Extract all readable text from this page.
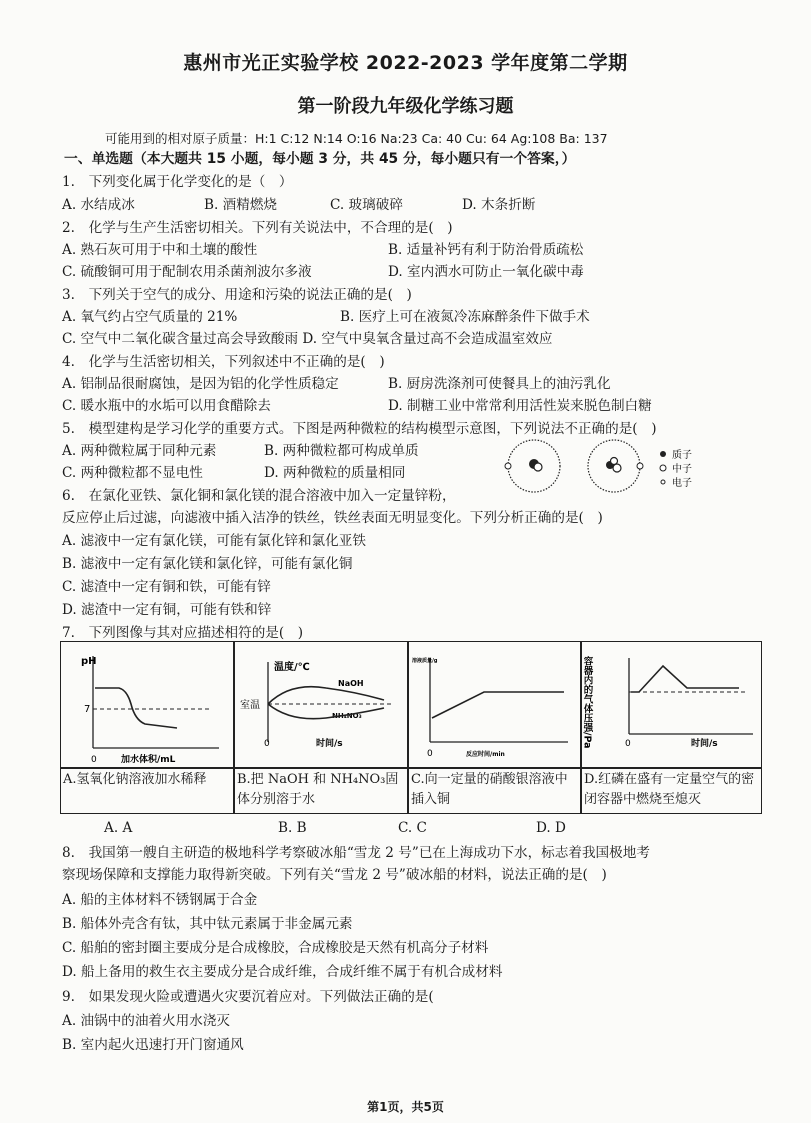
惠州市光正实验学校 2022-2023 学年度第二学期
第一阶段九年级化学练习题
可能用到的相对原子质量：H:1 C:12 N:14 O:16 Na:23 Ca: 40 Cu: 64 Ag:108 Ba: 137
一、单选题（本大题共 15 小题，每小题 3 分，共 45 分，每小题只有一个答案，）
1.　下列变化属于化学变化的是（　）
A. 水结成冰	B. 酒精燃烧	C. 玻璃破碎	D. 木条折断
2.　化学与生产生活密切相关。下列有关说法中，不合理的是(　)
A. 熟石灰可用于中和土壤的酸性	B. 适量补钙有利于防治骨质疏松
C. 硫酸铜可用于配制农用杀菌剂波尔多液	D. 室内洒水可防止一氧化碳中毒
3.　下列关于空气的成分、用途和污染的说法正确的是(　)
A. 氧气约占空气质量的 21%	B. 医疗上可在液氮冷冻麻醉条件下做手术
C. 空气中二氧化碳含量过高会导致酸雨 D. 空气中臭氧含量过高不会造成温室效应
4.　化学与生活密切相关，下列叙述中不正确的是(　)
A. 铝制品很耐腐蚀，是因为铝的化学性质稳定	B. 厨房洗涤剂可使餐具上的油污乳化
C. 暖水瓶中的水垢可以用食醋除去	D. 制糖工业中常常利用活性炭来脱色制白糖
5.　模型建构是学习化学的重要方式。下图是两种微粒的结构模型示意图，下列说法不正确的是(　)
A. 两种微粒属于同种元素	B. 两种微粒都可构成单质
C. 两种微粒都不显电性	D. 两种微粒的质量相同
质子
中子
电子
6.　在氯化亚铁、氯化铜和氯化镁的混合溶液中加入一定量锌粉，
反应停止后过滤，向滤液中插入洁净的铁丝，铁丝表面无明显变化。下列分析正确的是(　)
A. 滤液中一定有氯化镁，可能有氯化锌和氯化亚铁
B. 滤液中一定有氯化镁和氯化锌，可能有氯化铜
C. 滤渣中一定有铜和铁，可能有锌
D. 滤渣中一定有铜，可能有铁和锌
7.　下列图像与其对应描述相符的是(　)
pH
7
0	加水体积/mL
温度/℃
NaOH
NH₄NO₃
室温
0	时间/s
溶液质量/g
0	反应时间/min
容器内的气体压强/Pa	0	时间/s
A.氢氧化钠溶液加水稀释	B.把 NaOH 和 NH₄NO₃固体分别溶于水
C.向一定量的硝酸银溶液中插入铜
D.红磷在盛有一定量空气的密闭容器中燃烧至熄灭
A. A	B. B	C. C	D. D
8.　我国第一艘自主研造的极地科学考察破冰船“雪龙 2 号”已在上海成功下水，标志着我国极地考
察现场保障和支撑能力取得新突破。下列有关“雪龙 2 号”破冰船的材料，说法正确的是(　)
A. 船的主体材料不锈钢属于合金
B. 船体外壳含有钛，其中钛元素属于非金属元素
C. 船舶的密封圈主要成分是合成橡胶，合成橡胶是天然有机高分子材料
D. 船上备用的救生衣主要成分是合成纤维，合成纤维不属于有机合成材料
9.　如果发现火险或遭遇火灾要沉着应对。下列做法正确的是(
A. 油锅中的油着火用水浇灭
B. 室内起火迅速打开门窗通风
第1页，共5页
